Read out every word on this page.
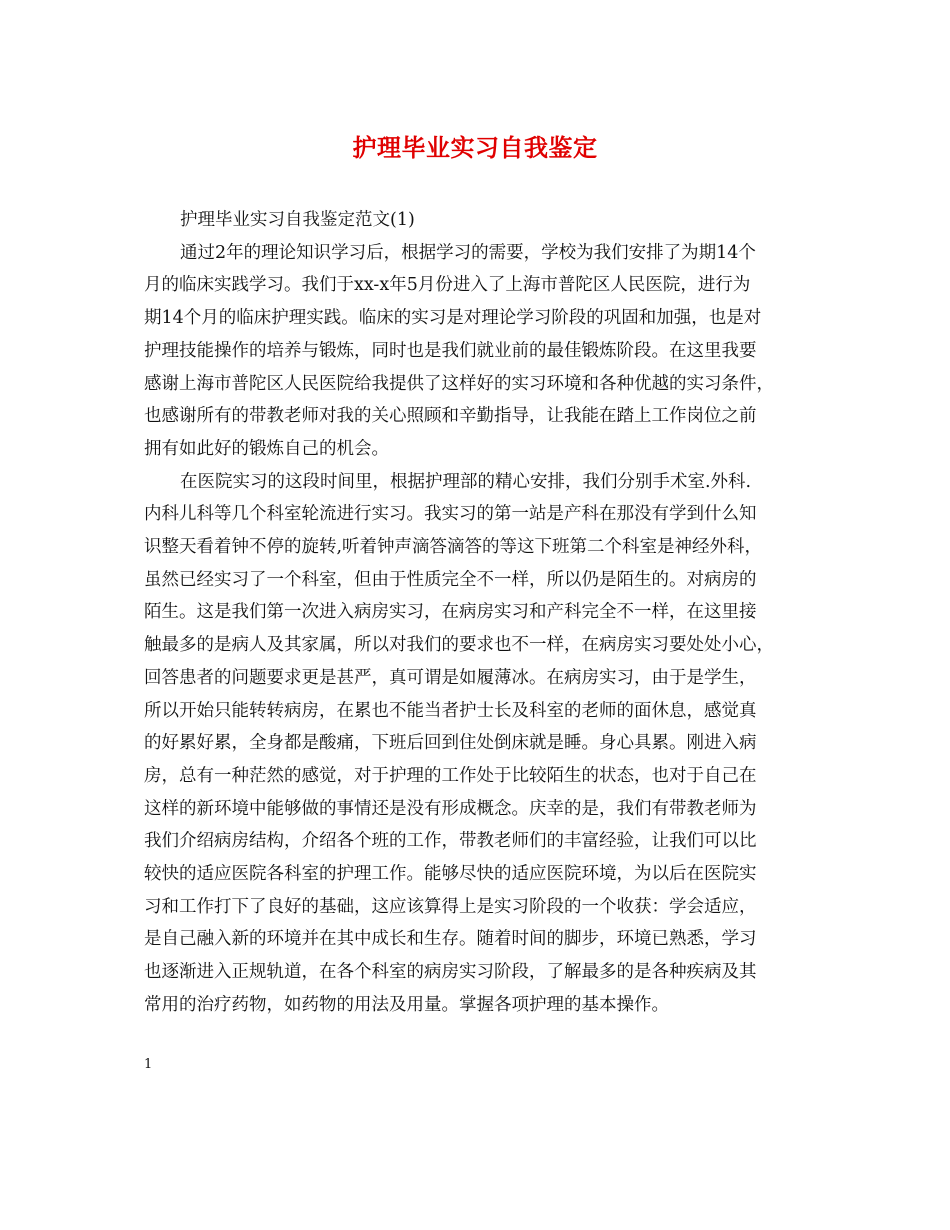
护理毕业实习自我鉴定
护理毕业实习自我鉴定范文(1)
通过2年的理论知识学习后，根据学习的需要，学校为我们安排了为期14个
月的临床实践学习。我们于xx-x年5月份进入了上海市普陀区人民医院，进行为
期14个月的临床护理实践。临床的实习是对理论学习阶段的巩固和加强，也是对
护理技能操作的培养与锻炼，同时也是我们就业前的最佳锻炼阶段。在这里我要
感谢上海市普陀区人民医院给我提供了这样好的实习环境和各种优越的实习条件，
也感谢所有的带教老师对我的关心照顾和辛勤指导，让我能在踏上工作岗位之前
拥有如此好的锻炼自己的机会。
在医院实习的这段时间里，根据护理部的精心安排，我们分别手术室.外科.
内科儿科等几个科室轮流进行实习。我实习的第一站是产科在那没有学到什么知
识整天看着钟不停的旋转,听着钟声滴答滴答的等这下班第二个科室是神经外科，
虽然已经实习了一个科室，但由于性质完全不一样，所以仍是陌生的。对病房的
陌生。这是我们第一次进入病房实习，在病房实习和产科完全不一样，在这里接
触最多的是病人及其家属，所以对我们的要求也不一样，在病房实习要处处小心，
回答患者的问题要求更是甚严，真可谓是如履薄冰。在病房实习，由于是学生，
所以开始只能转转病房，在累也不能当者护士长及科室的老师的面休息，感觉真
的好累好累，全身都是酸痛，下班后回到住处倒床就是睡。身心具累。刚进入病
房，总有一种茫然的感觉，对于护理的工作处于比较陌生的状态，也对于自己在
这样的新环境中能够做的事情还是没有形成概念。庆幸的是，我们有带教老师为
我们介绍病房结构，介绍各个班的工作，带教老师们的丰富经验，让我们可以比
较快的适应医院各科室的护理工作。能够尽快的适应医院环境，为以后在医院实
习和工作打下了良好的基础，这应该算得上是实习阶段的一个收获：学会适应，
是自己融入新的环境并在其中成长和生存。随着时间的脚步，环境已熟悉，学习
也逐渐进入正规轨道，在各个科室的病房实习阶段，了解最多的是各种疾病及其
常用的治疗药物，如药物的用法及用量。掌握各项护理的基本操作。
1
